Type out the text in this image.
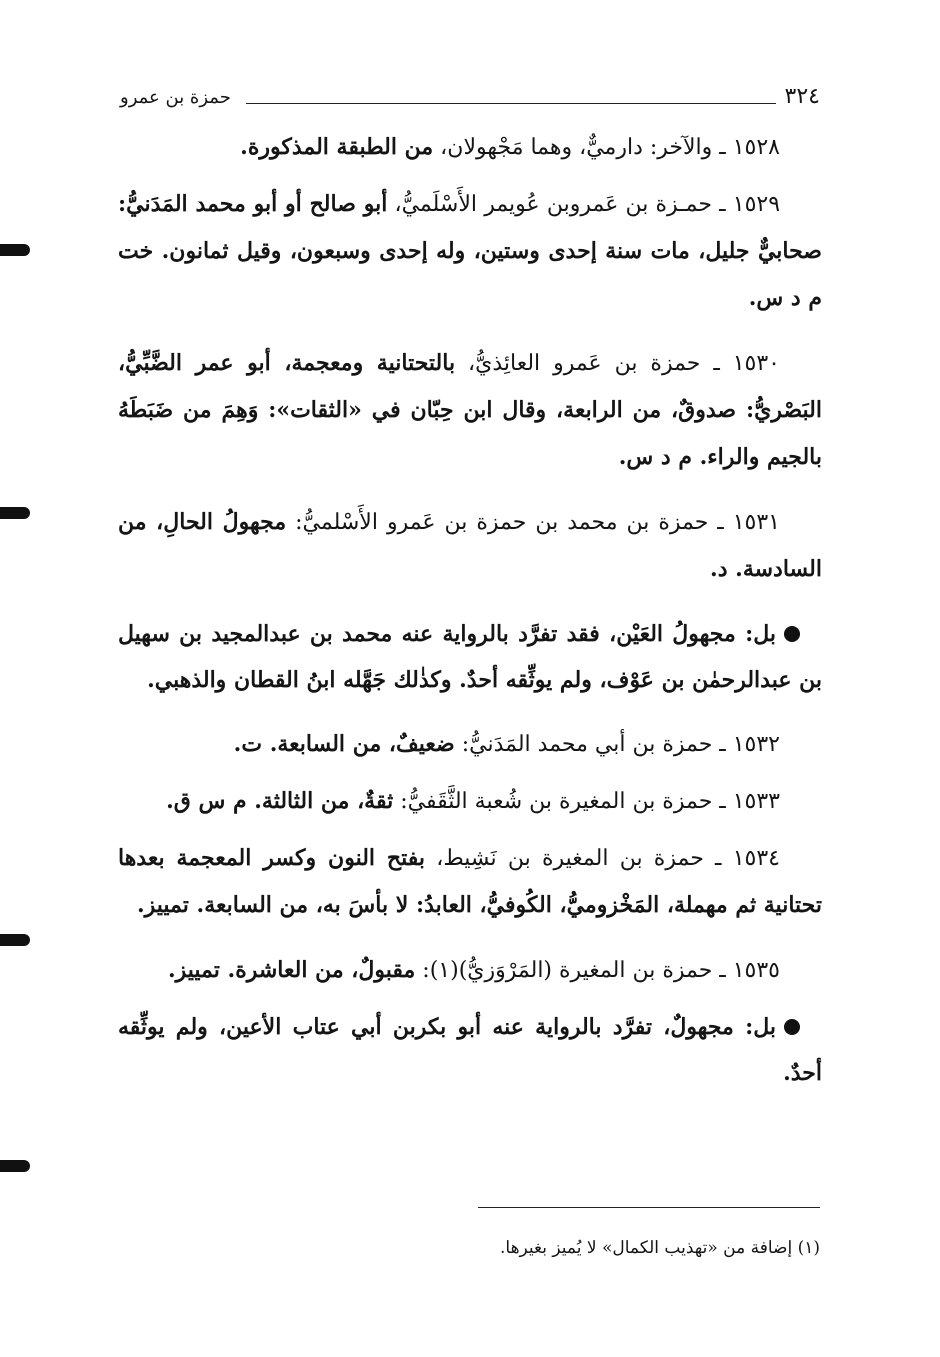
٣٢٤
حمزة بن عمرو

١٥٢٨ ـ والآخر: دارميٌّ، وهما مَجْهولان، من الطبقة المذكورة.

١٥٢٩ ـ حمـزة بن عَمروبن عُويمر الأَسْلَميُّ، أبو صالح أو أبو محمد المَدَنيُّ: صحابيٌّ جليل، مات سنة إحدى وستين، وله إحدى وسبعون، وقيل ثمانون. خت م د س.

١٥٣٠ ـ حمزة بن عَمرو العائِذيُّ، بالتحتانية ومعجمة، أبو عمر الضَّبِّيُّ، البَصْريُّ: صدوقٌ، من الرابعة، وقال ابن حِبّان في «الثقات»: وَهِمَ من ضَبَطَهُ بالجيم والراء. م د س.

١٥٣١ ـ حمزة بن محمد بن حمزة بن عَمرو الأَسْلميُّ: مجهولُ الحالِ، من السادسة. د.

بل: مجهولُ العَيْن، فقد تفرَّد بالرواية عنه محمد بن عبدالمجيد بن سهيل بن عبدالرحمٰن بن عَوْف، ولم يوثِّقه أحدٌ. وكذٰلك جَهَّله ابنُ القطان والذهبي.

١٥٣٢ ـ حمزة بن أبي محمد المَدَنيُّ: ضعيفٌ، من السابعة. ت.

١٥٣٣ ـ حمزة بن المغيرة بن شُعبة الثَّقَفيُّ: ثقةٌ، من الثالثة. م س ق.

١٥٣٤ ـ حمزة بن المغيرة بن نَشِيط، بفتح النون وكسر المعجمة بعدها تحتانية ثم مهملة، المَخْزوميُّ، الكُوفيُّ، العابدُ: لا بأسَ به، من السابعة. تمييز.

١٥٣٥ ـ حمزة بن المغيرة (المَرْوَزيُّ)(١): مقبولٌ، من العاشرة. تمييز.

بل: مجهولٌ، تفرَّد بالرواية عنه أبو بكربن أبي عتاب الأعين، ولم يوثِّقه أحدٌ.

(١) إضافة من «تهذيب الكمال» لا يُميز بغيرها.
